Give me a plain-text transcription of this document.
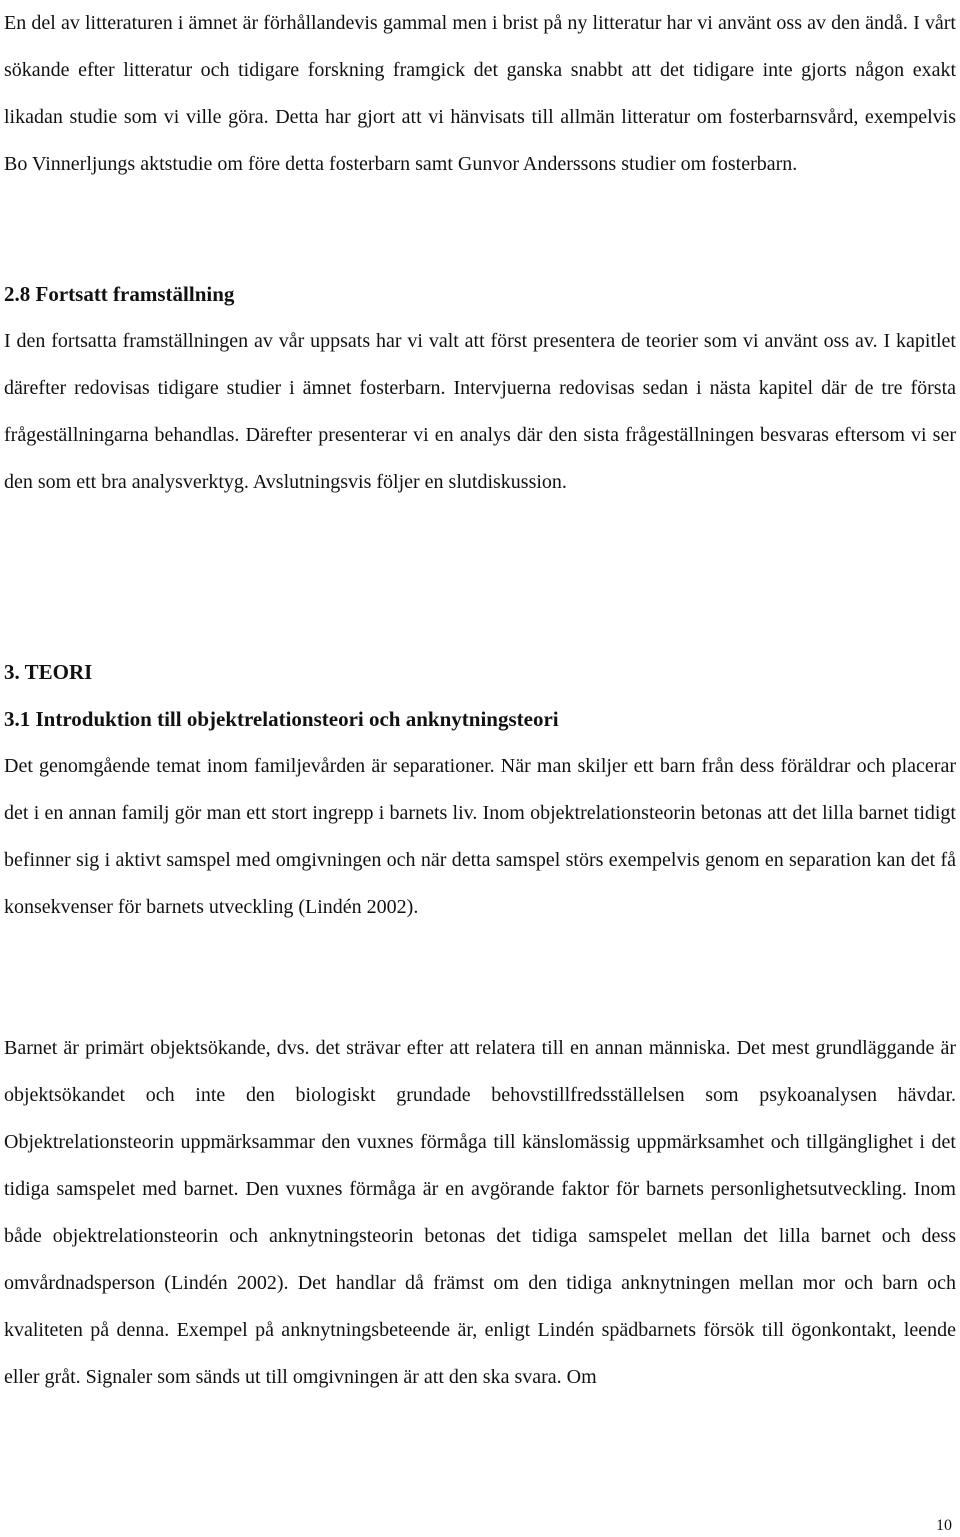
En del av litteraturen i ämnet är förhållandevis gammal men i brist på ny litteratur har vi använt oss av den ändå. I vårt sökande efter litteratur och tidigare forskning framgick det ganska snabbt att det tidigare inte gjorts någon exakt likadan studie som vi ville göra. Detta har gjort att vi hänvisats till allmän litteratur om fosterbarnsvård, exempelvis Bo Vinnerljungs aktstudie om före detta fosterbarn samt Gunvor Anderssons studier om fosterbarn.

2.8 Fortsatt framställning

I den fortsatta framställningen av vår uppsats har vi valt att först presentera de teorier som vi använt oss av. I kapitlet därefter redovisas tidigare studier i ämnet fosterbarn. Intervjuerna redovisas sedan i nästa kapitel där de tre första frågeställningarna behandlas. Därefter presenterar vi en analys där den sista frågeställningen besvaras eftersom vi ser den som ett bra analysverktyg. Avslutningsvis följer en slutdiskussion.

3. TEORI
3.1 Introduktion till objektrelationsteori och anknytningsteori

Det genomgående temat inom familjevården är separationer. När man skiljer ett barn från dess föräldrar och placerar det i en annan familj gör man ett stort ingrepp i barnets liv. Inom objektrelationsteorin betonas att det lilla barnet tidigt befinner sig i aktivt samspel med omgivningen och när detta samspel störs exempelvis genom en separation kan det få konsekvenser för barnets utveckling (Lindén 2002).

Barnet är primärt objektsökande, dvs. det strävar efter att relatera till en annan människa. Det mest grundläggande är objektsökandet och inte den biologiskt grundade behovstillfredsställelsen som psykoanalysen hävdar. Objektrelationsteorin uppmärksammar den vuxnes förmåga till känslomässig uppmärksamhet och tillgänglighet i det tidiga samspelet med barnet. Den vuxnes förmåga är en avgörande faktor för barnets personlighetsutveckling. Inom både objektrelationsteorin och anknytningsteorin betonas det tidiga samspelet mellan det lilla barnet och dess omvårdnadsperson (Lindén 2002). Det handlar då främst om den tidiga anknytningen mellan mor och barn och kvaliteten på denna. Exempel på anknytningsbeteende är, enligt Lindén spädbarnets försök till ögonkontakt, leende eller gråt. Signaler som sänds ut till omgivningen är att den ska svara. Om

10
